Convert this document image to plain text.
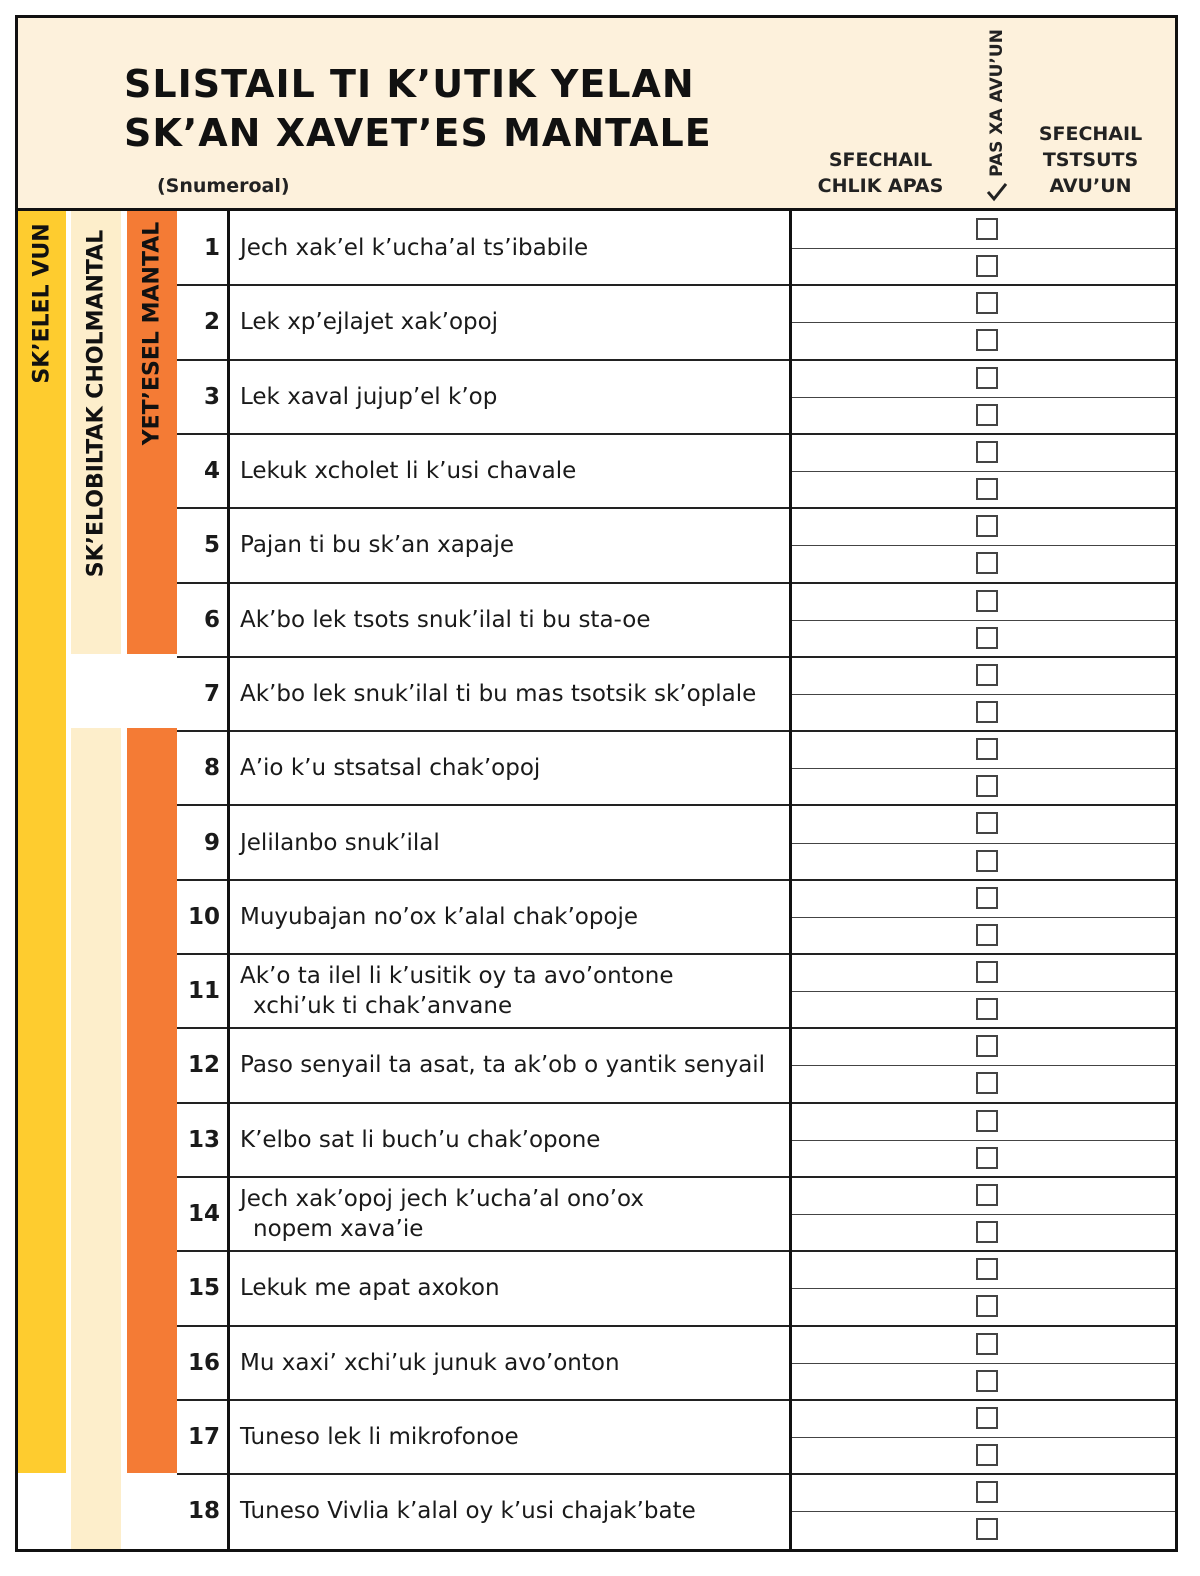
SLISTAIL TI K’UTIK YELAN
SK’AN XAVET’ES MANTALE
(Snumeroal)
SFECHAIL
CHLIK APAS
PAS XA AVU’UN	SFECHAIL
TSTSUTS
AVU’UN
SK’ELEL VUN SK’ELOBILTAK CHOLMANTAL YET’ESEL MANTAL	1 Jech xak’el k’ucha’al ts’ibabile
2 Lek xp’ejlajet xak’opoj
3 Lek xaval jujup’el k’op
4 Lekuk xcholet li k’usi chavale
5 Pajan ti bu sk’an xapaje
6 Ak’bo lek tsots snuk’ilal ti bu sta-oe
7 Ak’bo lek snuk’ilal ti bu mas tsotsik sk’oplale
8 A’io k’u stsatsal chak’opoj
9 Jelilanbo snuk’ilal
10 Muyubajan no’ox k’alal chak’opoje
11
Ak’o ta ilel li k’usitik oy ta avo’ontone
xchi’uk ti chak’anvane
12 Paso senyail ta asat, ta ak’ob o yantik senyail
13 K’elbo sat li buch’u chak’opone
14
Jech xak’opoj jech k’ucha’al ono’ox
nopem xava’ie
15 Lekuk me apat axokon
16 Mu xaxi’ xchi’uk junuk avo’onton
17 Tuneso lek li mikrofonoe
18 Tuneso Vivlia k’alal oy k’usi chajak’bate
